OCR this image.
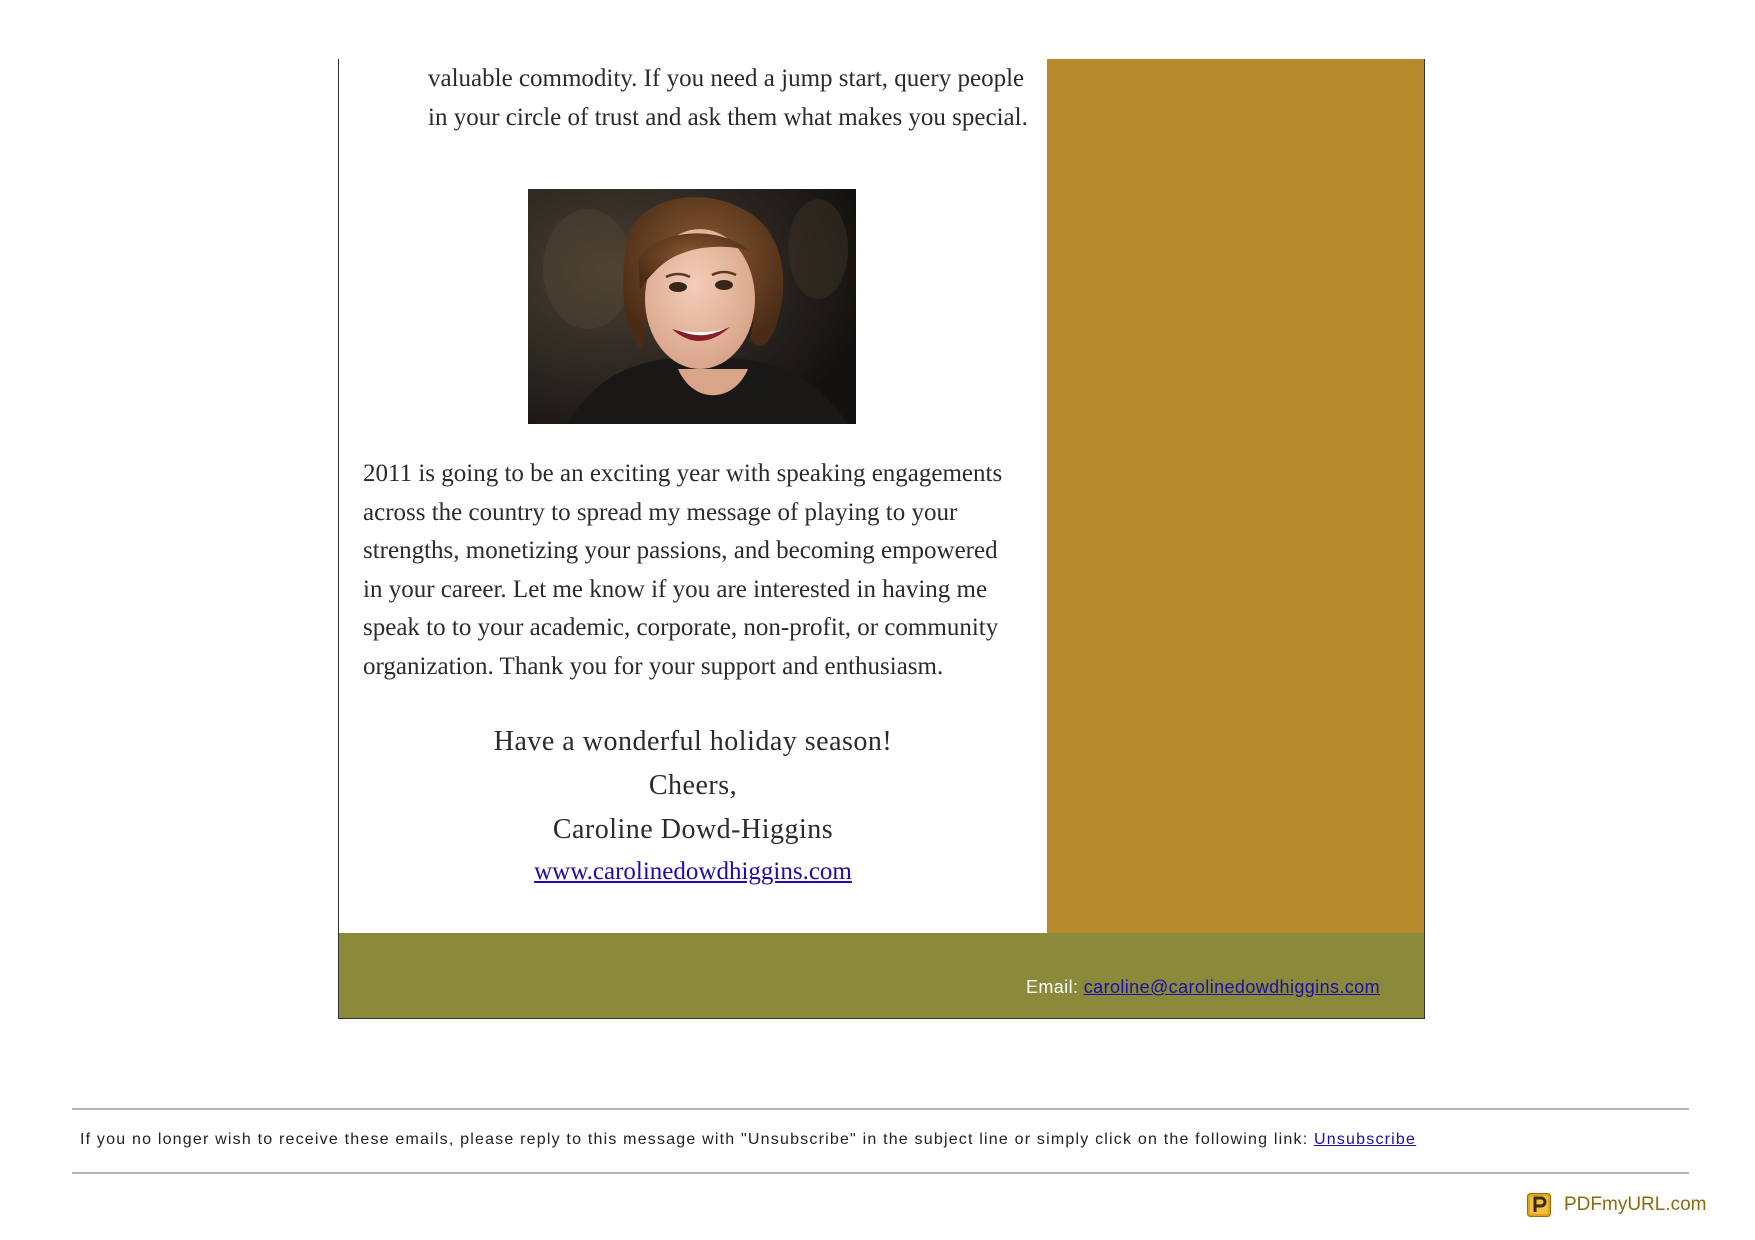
valuable commodity. If you need a jump start, query people in your circle of trust and ask them what makes you special.

2011 is going to be an exciting year with speaking engagements across the country to spread my message of playing to your strengths, monetizing your passions, and becoming empowered in your career. Let me know if you are interested in having me speak to to your academic, corporate, non-profit, or community organization. Thank you for your support and enthusiasm.

Have a wonderful holiday season!
Cheers,
Caroline Dowd-Higgins
www.carolinedowdhiggins.com
Email: caroline@carolinedowdhiggins.com
If you no longer wish to receive these emails, please reply to this message with "Unsubscribe" in the subject line or simply click on the following link: Unsubscribe
PDFmyURL.com
